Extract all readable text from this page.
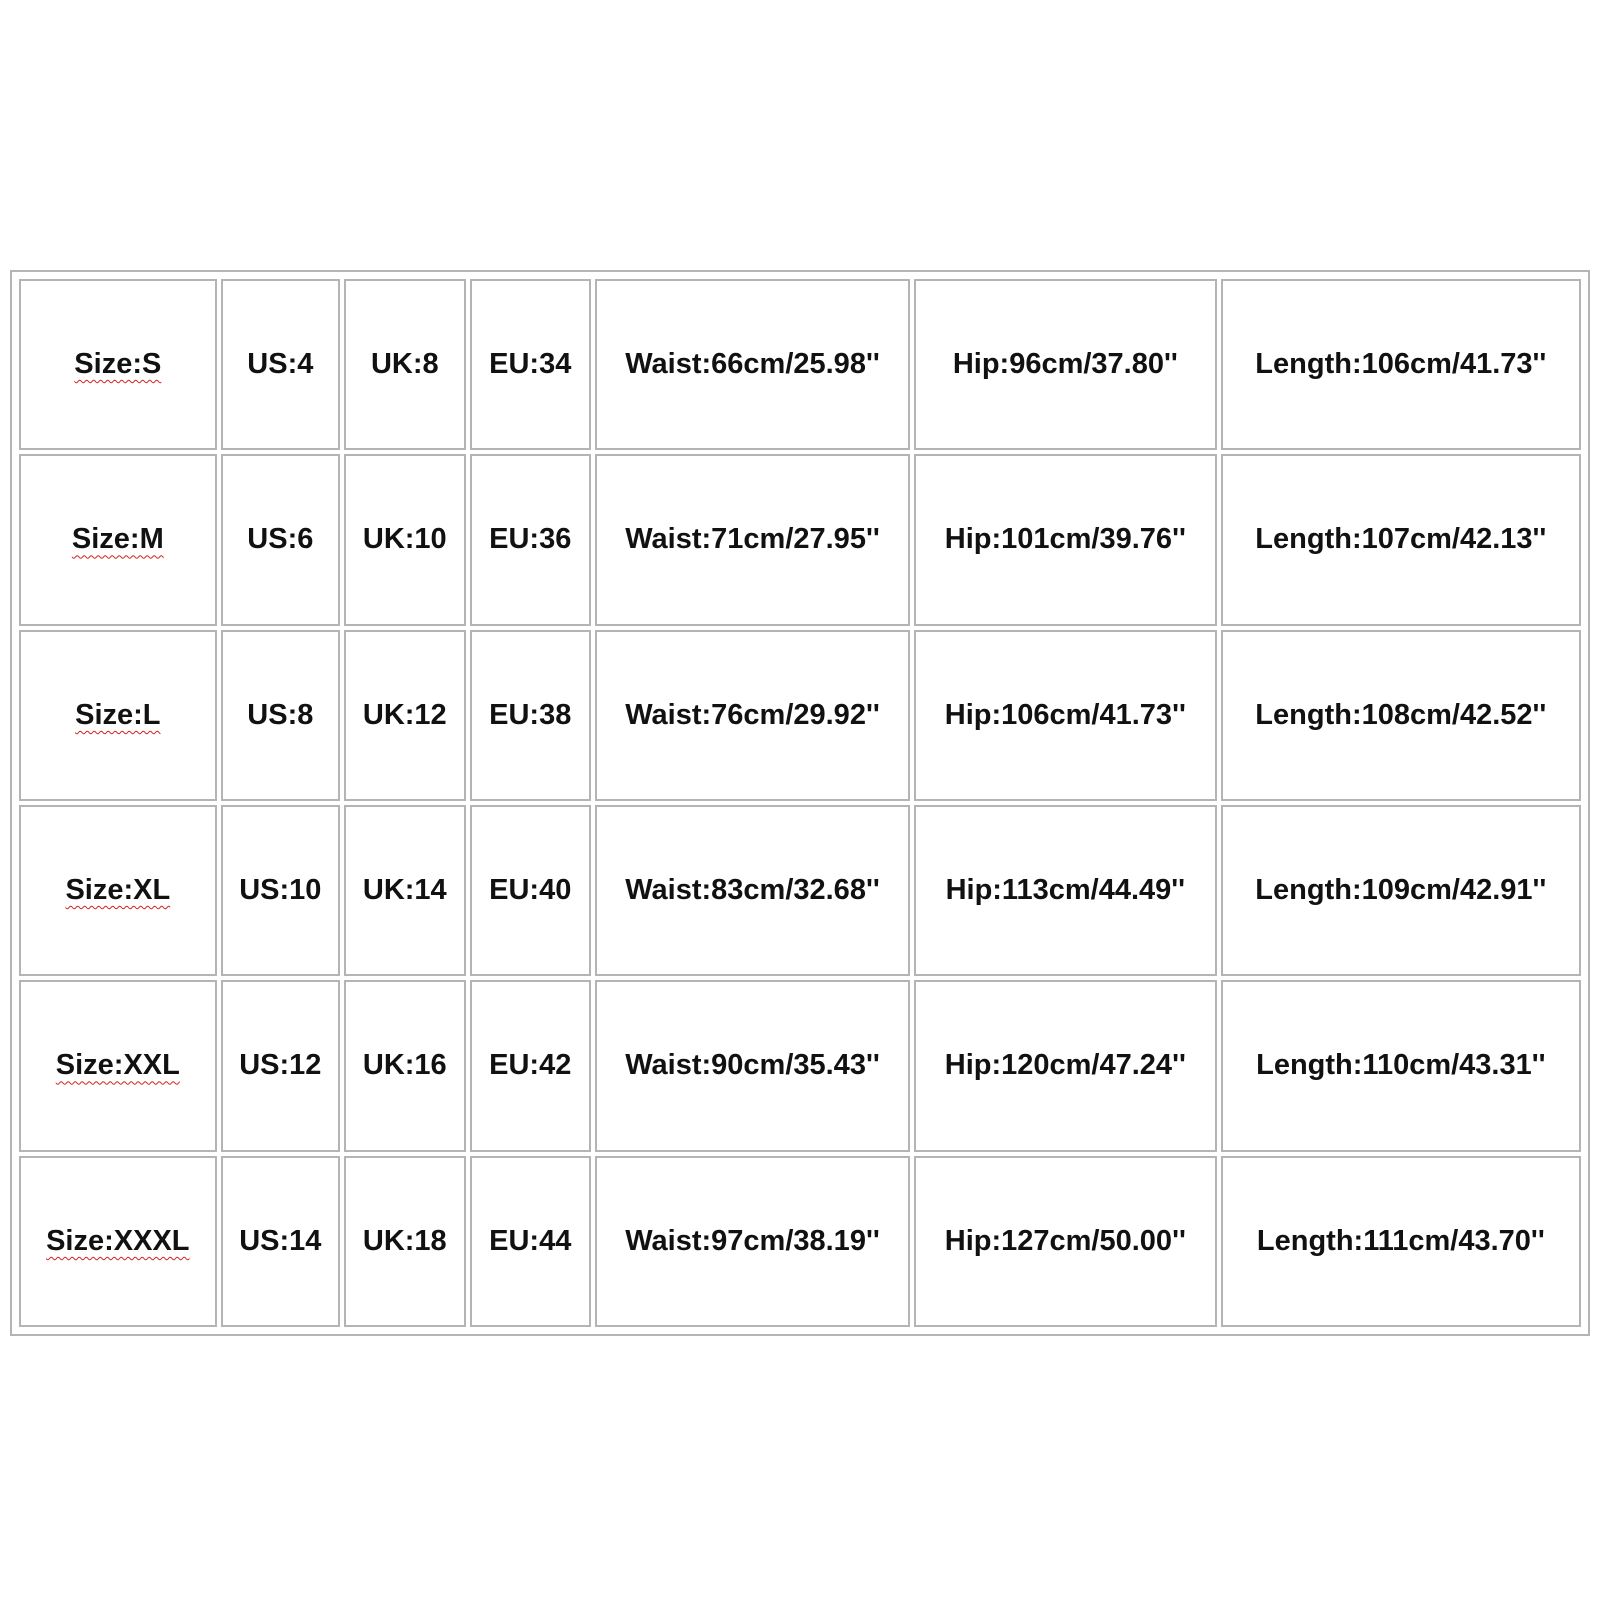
Size:S	US:4	UK:8	EU:34	Waist:66cm/25.98''	Hip:96cm/37.80''	Length:106cm/41.73''
Size:M	US:6	UK:10	EU:36	Waist:71cm/27.95''	Hip:101cm/39.76''	Length:107cm/42.13''
Size:L	US:8	UK:12	EU:38	Waist:76cm/29.92''	Hip:106cm/41.73''	Length:108cm/42.52''
Size:XL	US:10	UK:14	EU:40	Waist:83cm/32.68''	Hip:113cm/44.49''	Length:109cm/42.91''
Size:XXL	US:12	UK:16	EU:42	Waist:90cm/35.43''	Hip:120cm/47.24''	Length:110cm/43.31''
Size:XXXL	US:14	UK:18	EU:44	Waist:97cm/38.19''	Hip:127cm/50.00''	Length:111cm/43.70''
